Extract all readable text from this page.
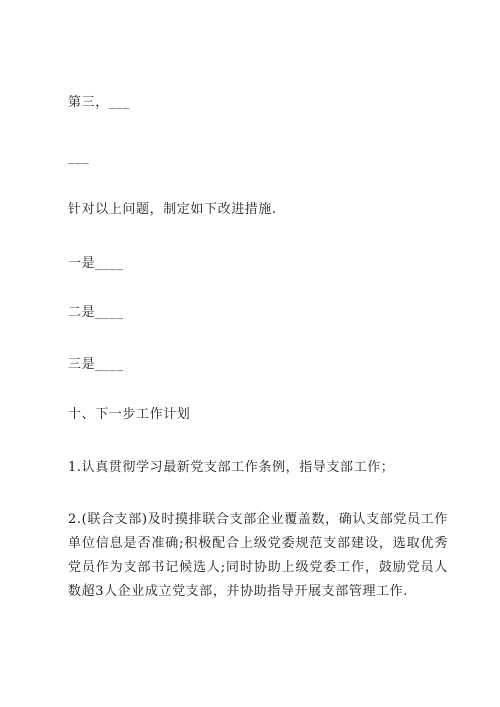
第三，___
___
针对以上问题，制定如下改进措施.
一是____
二是____
三是____
十、下一步工作计划
1.认真贯彻学习最新党支部工作条例，指导支部工作；
2.(联合支部)及时摸排联合支部企业覆盖数，确认支部党员工作单位信息是否准确;积极配合上级党委规范支部建设，选取优秀党员作为支部书记候选人;同时协助上级党委工作，鼓励党员人数超3人企业成立党支部，并协助指导开展支部管理工作.
